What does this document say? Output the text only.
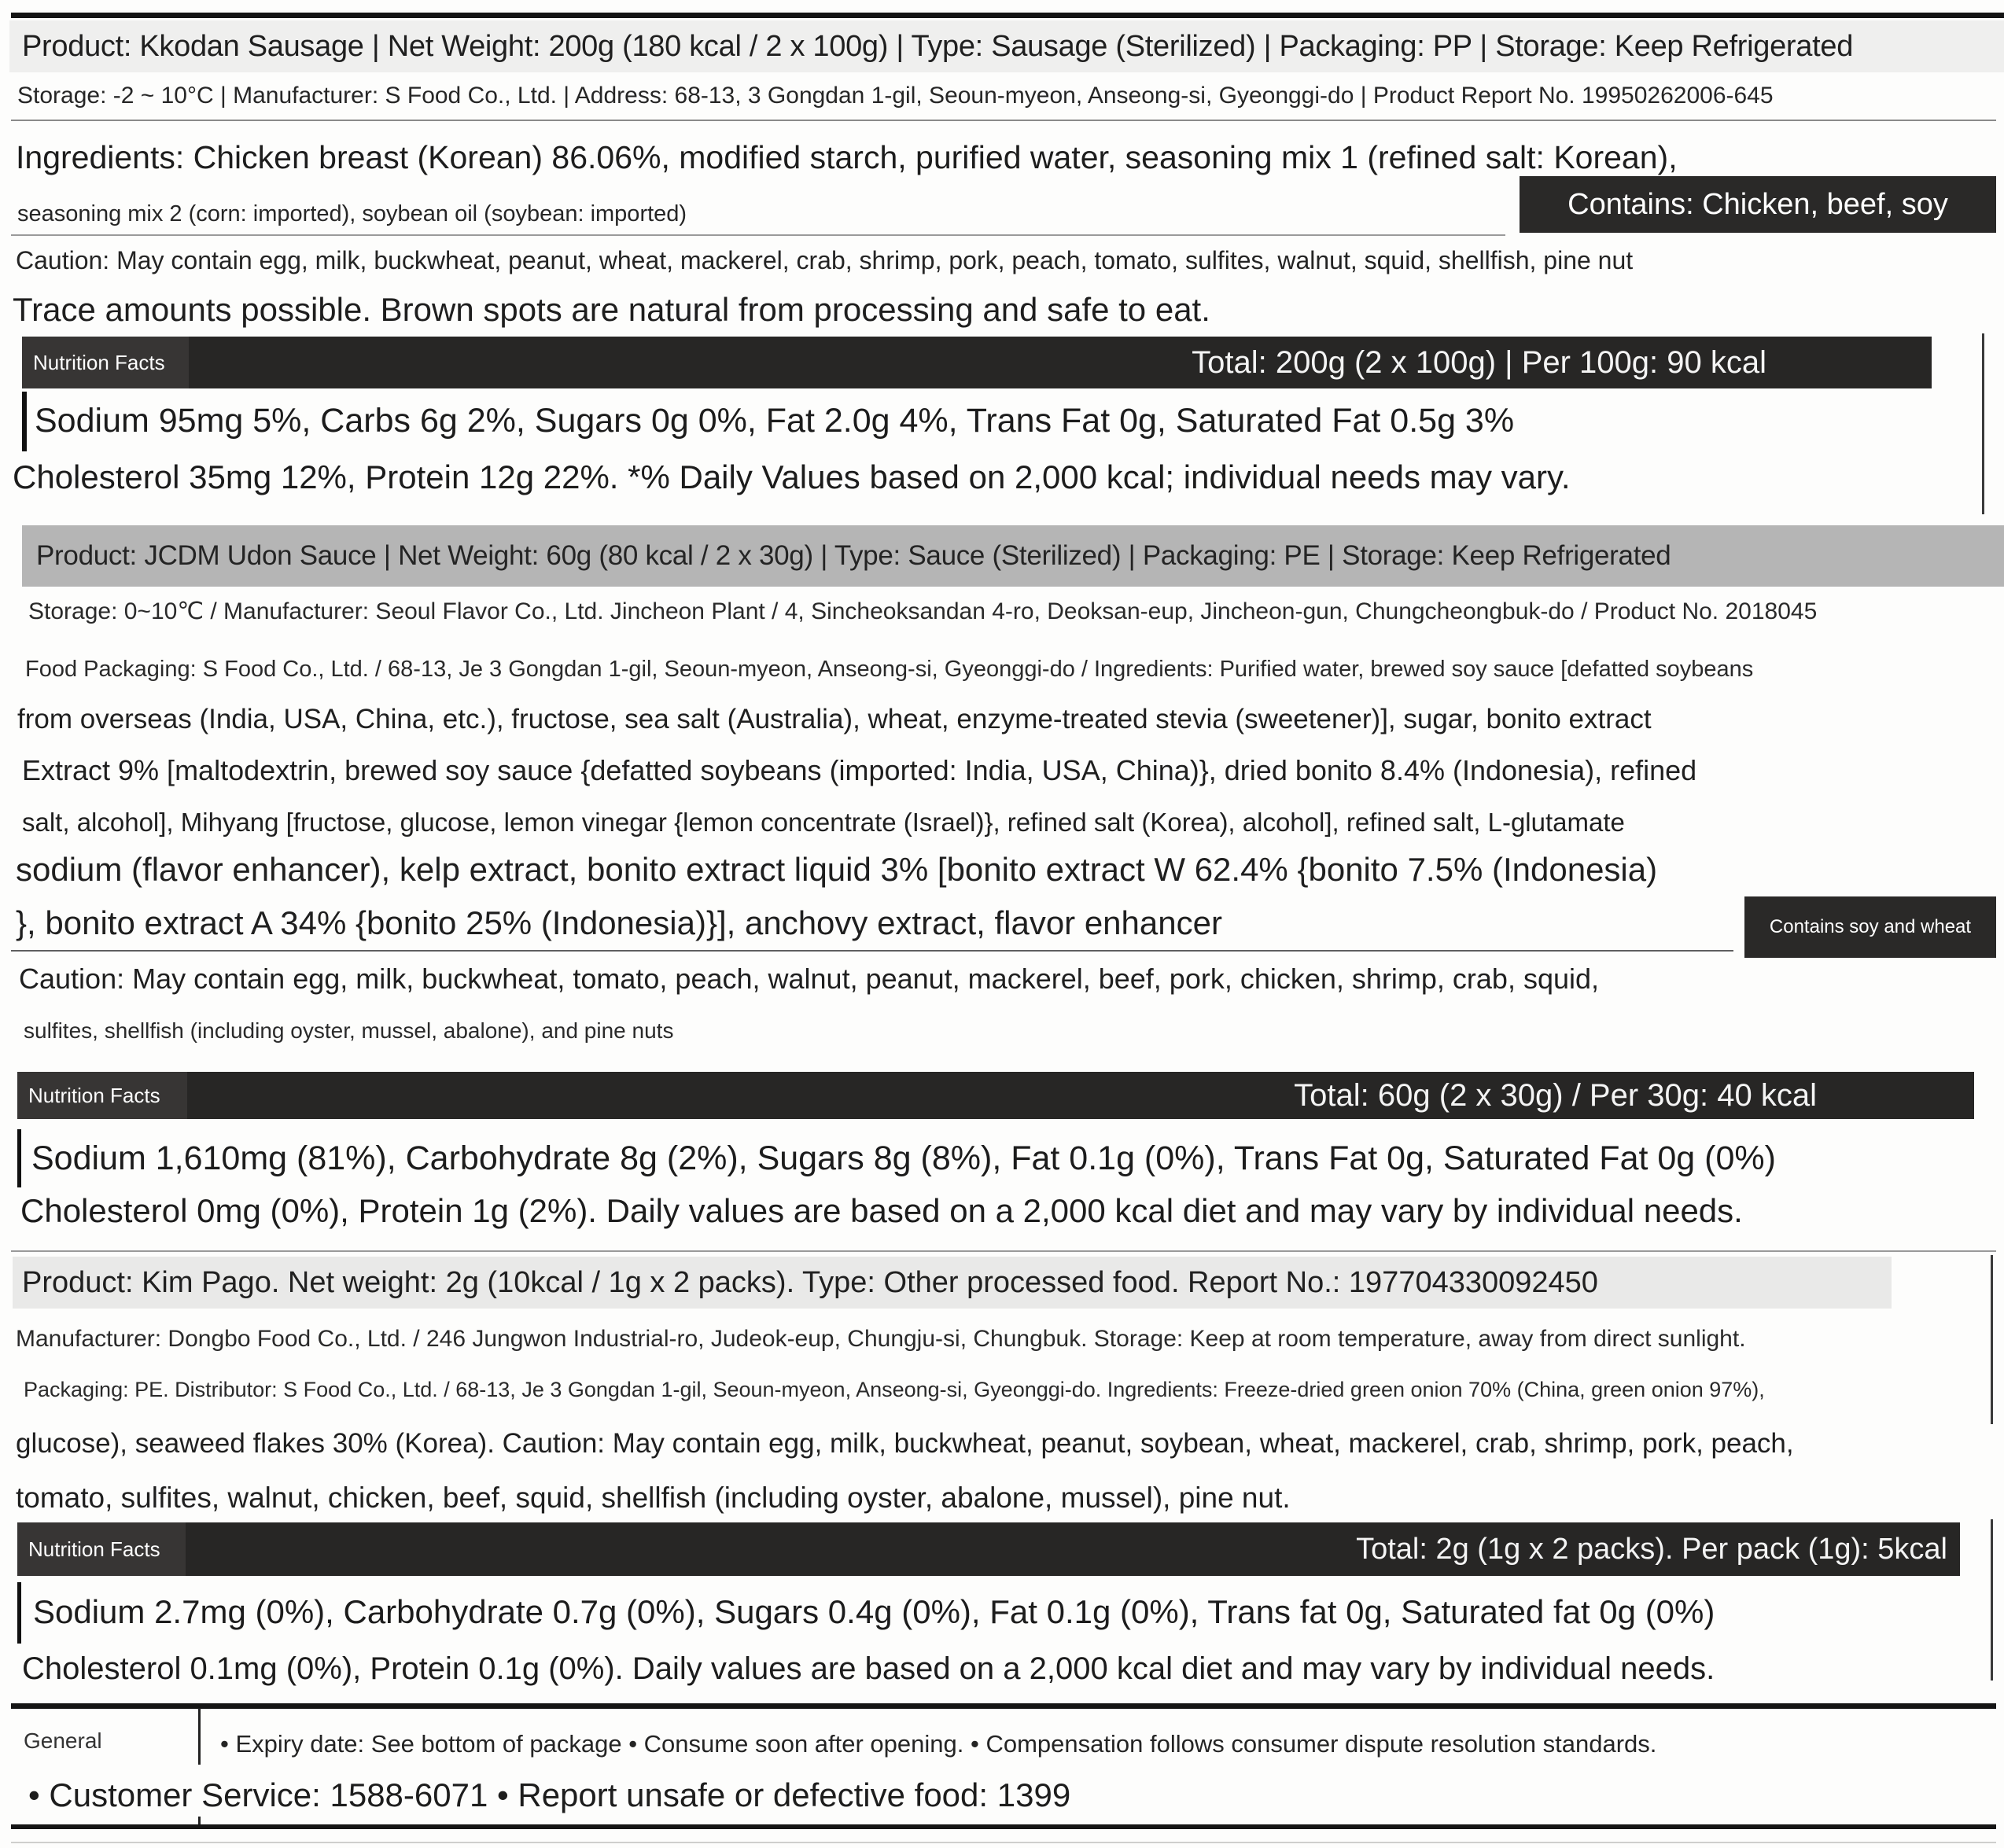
Product: Kkodan Sausage | Net Weight: 200g (180 kcal / 2 x 100g) | Type: Sausage (Sterilized) | Packaging: PP | Storage: Keep Refrigerated
Storage: -2 ~ 10°C | Manufacturer: S Food Co., Ltd. | Address: 68-13, 3 Gongdan 1-gil, Seoun-myeon, Anseong-si, Gyeonggi-do | Product Report No. 19950262006-645
Ingredients: Chicken breast (Korean) 86.06%, modified starch, purified water, seasoning mix 1 (refined salt: Korean),
seasoning mix 2 (corn: imported), soybean oil (soybean: imported)	Contains: Chicken, beef, soy
Caution: May contain egg, milk, buckwheat, peanut, wheat, mackerel, crab, shrimp, pork, peach, tomato, sulfites, walnut, squid, shellfish, pine nut
Trace amounts possible. Brown spots are natural from processing and safe to eat.
Nutrition Facts	Total: 200g (2 x 100g) | Per 100g: 90 kcal
Sodium 95mg 5%, Carbs 6g 2%, Sugars 0g 0%, Fat 2.0g 4%, Trans Fat 0g, Saturated Fat 0.5g 3%
Cholesterol 35mg 12%, Protein 12g 22%. *% Daily Values based on 2,000 kcal; individual needs may vary.
Product: JCDM Udon Sauce | Net Weight: 60g (80 kcal / 2 x 30g) | Type: Sauce (Sterilized) | Packaging: PE | Storage: Keep Refrigerated
Storage: 0~10℃ / Manufacturer: Seoul Flavor Co., Ltd. Jincheon Plant / 4, Sincheoksandan 4-ro, Deoksan-eup, Jincheon-gun, Chungcheongbuk-do / Product No. 2018045
Food Packaging: S Food Co., Ltd. / 68-13, Je 3 Gongdan 1-gil, Seoun-myeon, Anseong-si, Gyeonggi-do / Ingredients: Purified water, brewed soy sauce [defatted soybeans
from overseas (India, USA, China, etc.), fructose, sea salt (Australia), wheat, enzyme-treated stevia (sweetener)], sugar, bonito extract
Extract 9% [maltodextrin, brewed soy sauce {defatted soybeans (imported: India, USA, China)}, dried bonito 8.4% (Indonesia), refined
salt, alcohol], Mihyang [fructose, glucose, lemon vinegar {lemon concentrate (Israel)}, refined salt (Korea), alcohol], refined salt, L-glutamate
sodium (flavor enhancer), kelp extract, bonito extract liquid 3% [bonito extract W 62.4% {bonito 7.5% (Indonesia)
}, bonito extract A 34% {bonito 25% (Indonesia)}], anchovy extract, flavor enhancer	Contains soy and wheat
Caution: May contain egg, milk, buckwheat, tomato, peach, walnut, peanut, mackerel, beef, pork, chicken, shrimp, crab, squid,
sulfites, shellfish (including oyster, mussel, abalone), and pine nuts
Nutrition Facts	Total: 60g (2 x 30g) / Per 30g: 40 kcal
Sodium 1,610mg (81%), Carbohydrate 8g (2%), Sugars 8g (8%), Fat 0.1g (0%), Trans Fat 0g, Saturated Fat 0g (0%)
Cholesterol 0mg (0%), Protein 1g (2%). Daily values are based on a 2,000 kcal diet and may vary by individual needs.
Product: Kim Pago. Net weight: 2g (10kcal / 1g x 2 packs). Type: Other processed food. Report No.: 197704330092450
Manufacturer: Dongbo Food Co., Ltd. / 246 Jungwon Industrial-ro, Judeok-eup, Chungju-si, Chungbuk. Storage: Keep at room temperature, away from direct sunlight.
Packaging: PE. Distributor: S Food Co., Ltd. / 68-13, Je 3 Gongdan 1-gil, Seoun-myeon, Anseong-si, Gyeonggi-do. Ingredients: Freeze-dried green onion 70% (China, green onion 97%),
glucose), seaweed flakes 30% (Korea). Caution: May contain egg, milk, buckwheat, peanut, soybean, wheat, mackerel, crab, shrimp, pork, peach,
tomato, sulfites, walnut, chicken, beef, squid, shellfish (including oyster, abalone, mussel), pine nut.
Nutrition Facts	Total: 2g (1g x 2 packs). Per pack (1g): 5kcal
Sodium 2.7mg (0%), Carbohydrate 0.7g (0%), Sugars 0.4g (0%), Fat 0.1g (0%), Trans fat 0g, Saturated fat 0g (0%)
Cholesterol 0.1mg (0%), Protein 0.1g (0%). Daily values are based on a 2,000 kcal diet and may vary by individual needs.
General	• Expiry date: See bottom of package • Consume soon after opening. • Compensation follows consumer dispute resolution standards.
• Customer Service: 1588-6071 • Report unsafe or defective food: 1399
